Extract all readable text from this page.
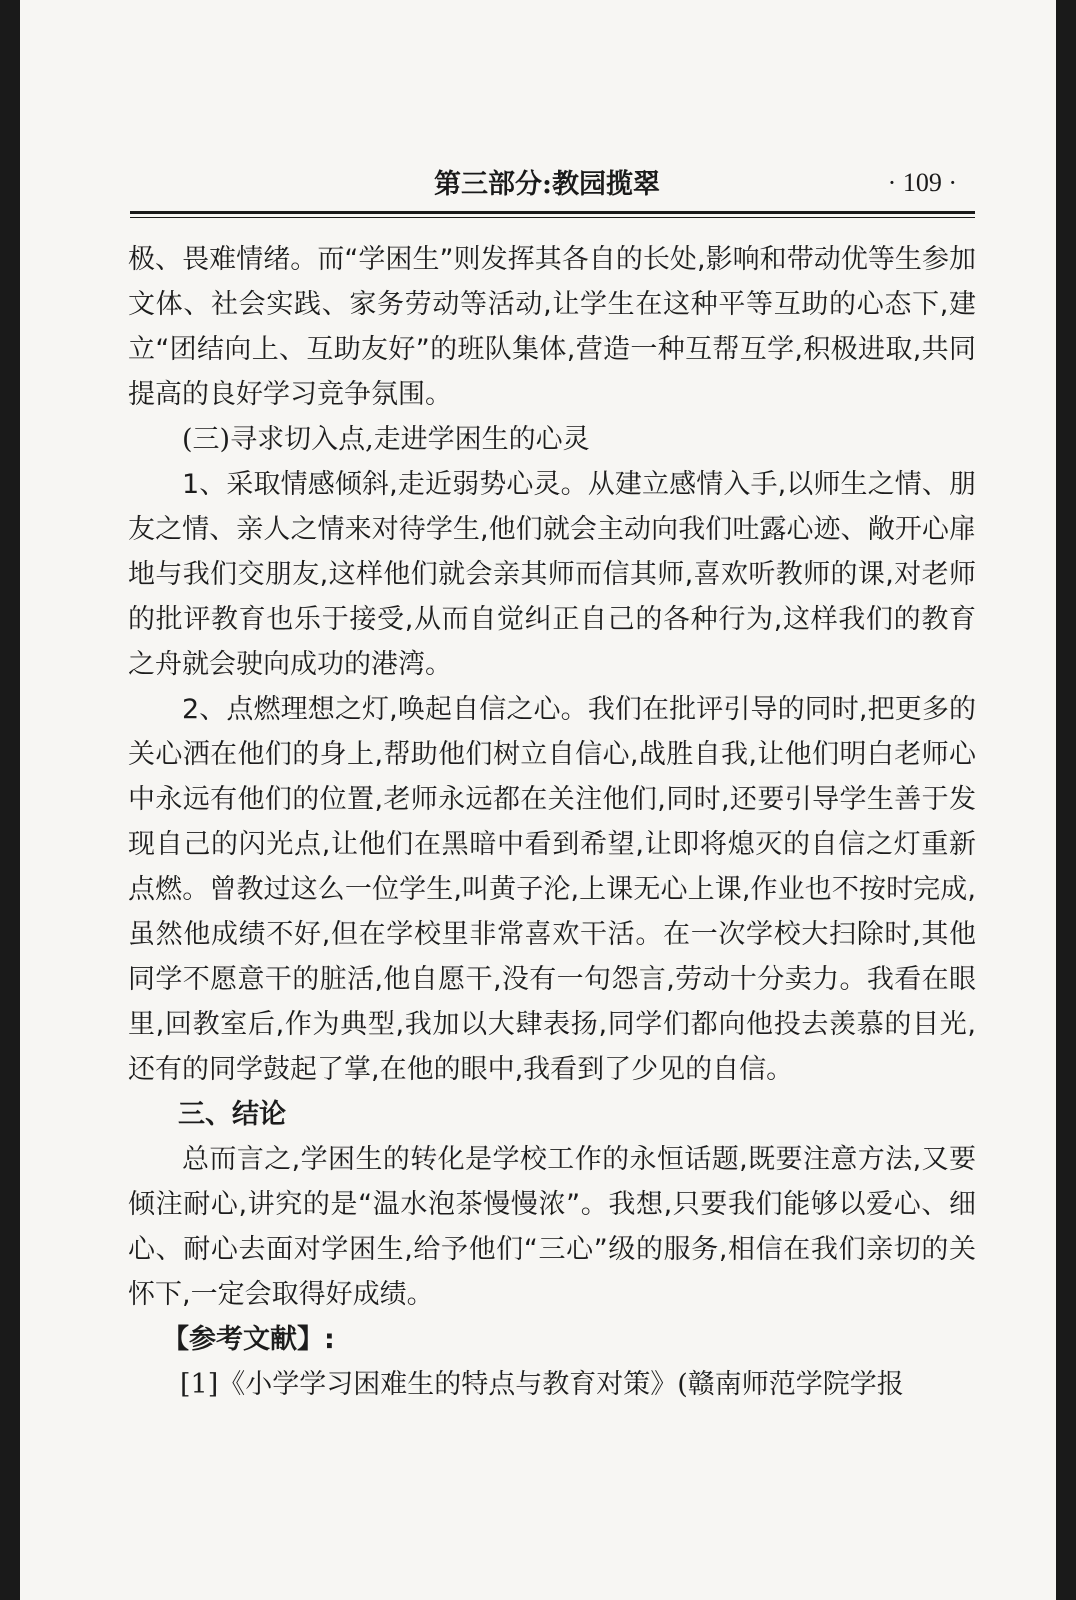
第三部分:教园揽翠	· 109 ·

极、畏难情绪。而“学困生”则发挥其各自的长处,影响和带动优等生参加文体、社会实践、家务劳动等活动,让学生在这种平等互助的心态下,建立“团结向上、互助友好”的班队集体,营造一种互帮互学,积极进取,共同提高的良好学习竞争氛围。

(三)寻求切入点,走进学困生的心灵

1、采取情感倾斜,走近弱势心灵。从建立感情入手,以师生之情、朋友之情、亲人之情来对待学生,他们就会主动向我们吐露心迹、敞开心扉地与我们交朋友,这样他们就会亲其师而信其师,喜欢听教师的课,对老师的批评教育也乐于接受,从而自觉纠正自己的各种行为,这样我们的教育之舟就会驶向成功的港湾。

2、点燃理想之灯,唤起自信之心。我们在批评引导的同时,把更多的关心洒在他们的身上,帮助他们树立自信心,战胜自我,让他们明白老师心中永远有他们的位置,老师永远都在关注他们,同时,还要引导学生善于发现自己的闪光点,让他们在黑暗中看到希望,让即将熄灭的自信之灯重新点燃。曾教过这么一位学生,叫黄子沦,上课无心上课,作业也不按时完成,虽然他成绩不好,但在学校里非常喜欢干活。在一次学校大扫除时,其他同学不愿意干的脏活,他自愿干,没有一句怨言,劳动十分卖力。我看在眼里,回教室后,作为典型,我加以大肆表扬,同学们都向他投去羡慕的目光,还有的同学鼓起了掌,在他的眼中,我看到了少见的自信。

三、结论

总而言之,学困生的转化是学校工作的永恒话题,既要注意方法,又要倾注耐心,讲究的是“温水泡茶慢慢浓”。我想,只要我们能够以爱心、细心、耐心去面对学困生,给予他们“三心”级的服务,相信在我们亲切的关怀下,一定会取得好成绩。

【参考文献】:

[1]《小学学习困难生的特点与教育对策》(赣南师范学院学报
